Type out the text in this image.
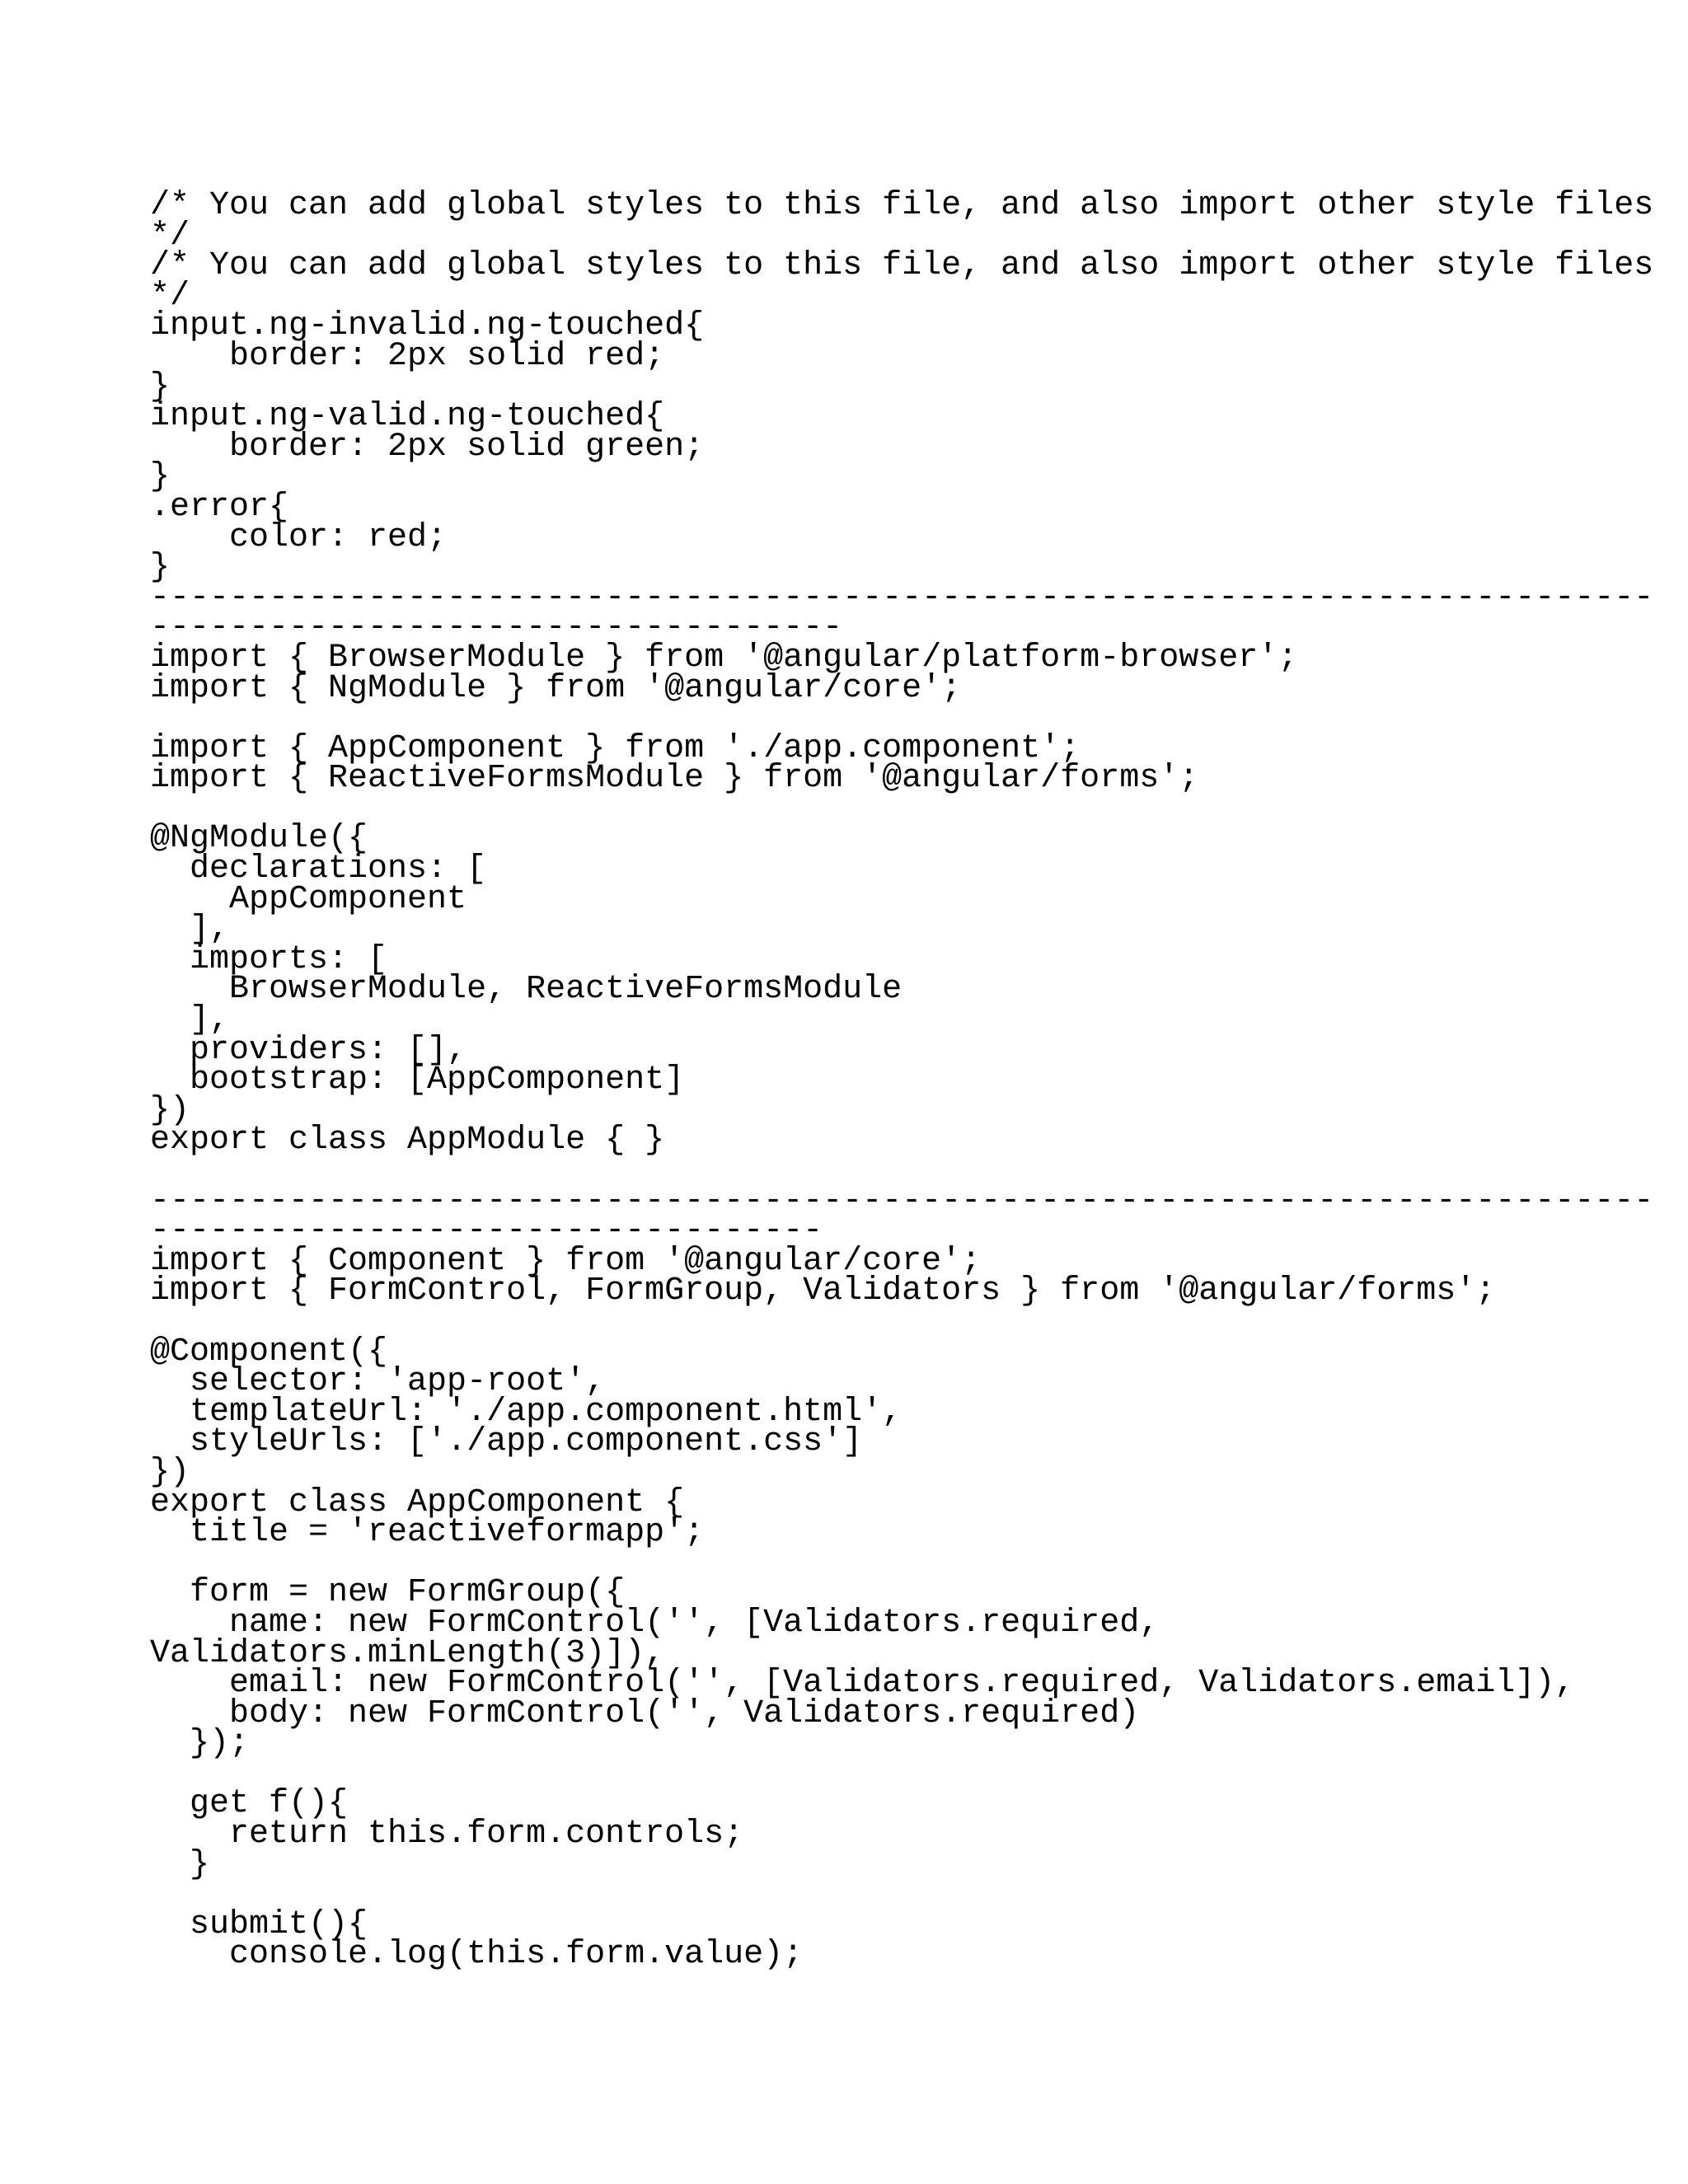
/* You can add global styles to this file, and also import other style files
*/
/* You can add global styles to this file, and also import other style files
*/
input.ng-invalid.ng-touched{
border: 2px solid red;
}
input.ng-valid.ng-touched{
border: 2px solid green;
}
.error{
color: red;
}
----------------------------------------------------------------------------
-----------------------------------
import { BrowserModule } from '@angular/platform-browser';
import { NgModule } from '@angular/core';
import { AppComponent } from './app.component';
import { ReactiveFormsModule } from '@angular/forms';
@NgModule({
declarations: [
AppComponent
],
imports: [
BrowserModule, ReactiveFormsModule
],
providers: [],
bootstrap: [AppComponent]
})
export class AppModule { }
----------------------------------------------------------------------------
----------------------------------
import { Component } from '@angular/core';
import { FormControl, FormGroup, Validators } from '@angular/forms';
@Component({
selector: 'app-root',
templateUrl: './app.component.html',
styleUrls: ['./app.component.css']
})
export class AppComponent {
title = 'reactiveformapp';
form = new FormGroup({
name: new FormControl('', [Validators.required,
Validators.minLength(3)]),
email: new FormControl('', [Validators.required, Validators.email]),
body: new FormControl('', Validators.required)
});
get f(){
return this.form.controls;
}
submit(){
console.log(this.form.value);
